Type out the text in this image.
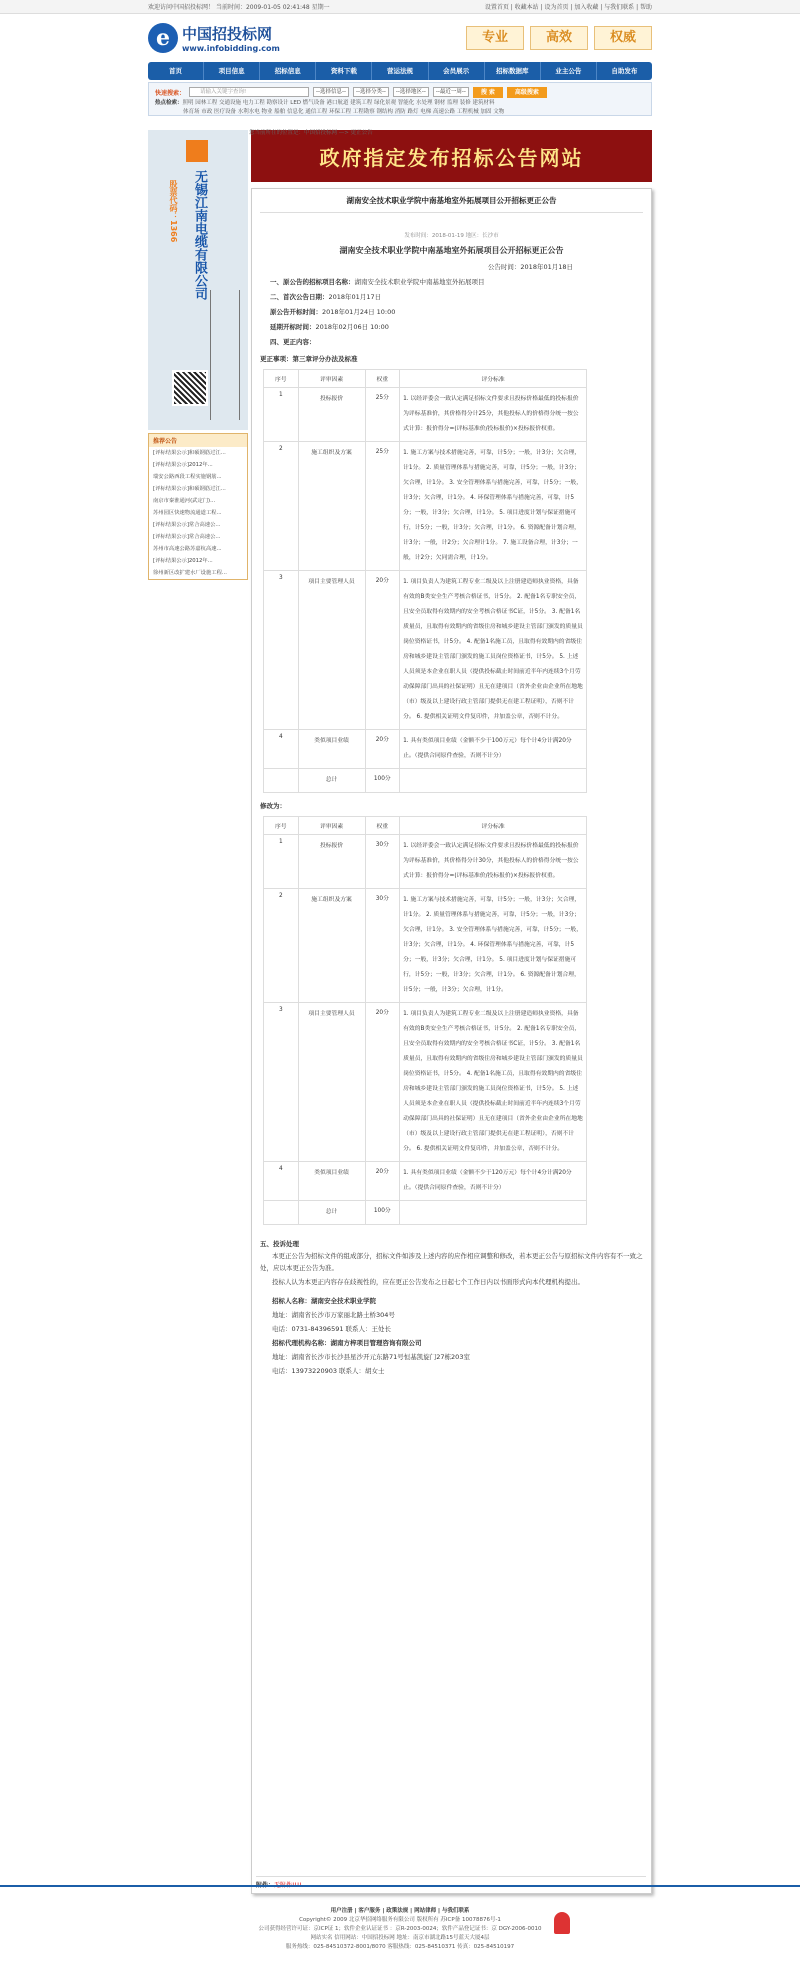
欢迎访问中国招投标网！ 当前时间：2009-01-05 02:41:48 星期一	设置首页 | 收藏本站 | 设为首页 | 加入收藏 | 与我们联系 | 帮助
e 中国招投标网
www.infobidding.com
专业	高效	权威
首页	项目信息	招标信息	资料下载	营运法规	会员展示	招标数据库	业主公告	自助发布
快速搜索：	请输入关键字查询!	--选择信息--	--选择分类--	--选择地区--	--最近一周--	搜 索	高级搜索
热点检索：照明 园林工程 交通设施 电力工程 勘察设计 LED 燃气设备 港口航道 建筑工程 绿化景观 智能化 水处理 钢材 监理 装修 建筑材料
体育场 市政 医疗设备 水利水电 物业 船舶 信息化 通信工程 环保工程 工程勘察 钢结构 消防 路灯 电梯 高速公路 工程机械 加固 文物
您当前所在的位置是：中国招投标网 —> 更正公告
无锡江南电缆有限公司
股票代码：1366
推荐公告
[评标结果公示]和硕钢筋过江...
[评标结果公示]2012年...
瑞安公路西段工程实施钢筋...
[评标结果公示]和硕钢筋过江...
南京市秦淮通河(武定门)...
苏州园区快速物流通道工程...
[评标结果公示]常合高速公...
[评标结果公示]常合高速公...
苏州市高速公路苏嘉杭高速...
[评标结果公示]2012年...
徐州新区改扩建水厂设施工程...
政府指定发布招标公告网站
湖南安全技术职业学院中南基地室外拓展项目公开招标更正公告
发布时间：2018-01-19 地区：长沙市
湖南安全技术职业学院中南基地室外拓展项目公开招标更正公告
公告时间：2018年01月18日
一、原公告的招标项目名称：湖南安全技术职业学院中南基地室外拓展项目
二、首次公告日期：2018年01月17日
原公告开标时间：2018年01月24日 10:00
延期开标时间：2018年02月06日 10:00
四、更正内容：
更正事项：第三章评分办法及标准
序号	评审因素	权重	评分标准
1	投标报价	25分	1. 以经评委会一致认定满足招标文件要求且投标价格最低的投标报价为评标基准价，其价格得分计25分，其他投标人的价格得分统一按公式计算：报价得分=(评标基准价/投标报价)×投标报价权重。
2	施工组织及方案	25分	1. 施工方案与技术措施完善，可靠，计5分；一般，计3分；欠合理，计1分。 2. 质量管理体系与措施完善，可靠，计5分；一般，计3分；欠合理，计1分。 3. 安全管理体系与措施完善，可靠，计5分；一般，计3分；欠合理，计1分。 4. 环保管理体系与措施完善，可靠，计5分；一般，计3分；欠合理，计1分。 5. 项目进度计划与保证措施可行，计5分；一般，计3分；欠合理，计1分。 6. 资源配备计划合理，计3分；一般，计2分；欠合理计1分。 7. 施工设备合理，计3分；一般，计2分；欠同需合理，计1分。
3	项目主要管理人员	20分	1. 项目负责人为建筑工程专业二级及以上注册建造师执业资格，具备有效的B类安全生产考核合格证书，计5分。 2. 配备1名专职安全员，且安全员取得有效期内的安全考核合格证书C证，计5分。 3. 配备1名质量员，且取得有效期内的省级住房和城乡建设主管部门颁发的质量员岗位资格证书，计5分。 4. 配备1名施工员，且取得有效期内的省级住房和城乡建设主管部门颁发的施工员岗位资格证书，计5分。 5. 上述人员须是本企业在职人员（提供投标截止时间前近半年内连续3个月劳动保障部门出具的社保证明）且无在建项目（省外企业由企业所在地地（市）级及以上建设行政主管部门提供无在建工程证明），否则不计分。 6. 提供相关证明文件复印件，并加盖公章，否则不计分。
4	类似项目业绩	20分	1. 具有类似项目业绩（金额不少于100万元）每个计4分计满20分止。（提供合同原件查验，否则不计分）
	总计	100分	
修改为：
序号	评审因素	权重	评分标准
1	投标报价	30分	1. 以经评委会一致认定满足招标文件要求且投标价格最低的投标报价为评标基准价，其价格得分计30分，其他投标人的价格得分统一按公式计算：报价得分=(评标基准价/投标报价)×投标报价权重。
2	施工组织及方案	30分	1. 施工方案与技术措施完善，可靠，计5分；一般，计3分；欠合理，计1分。 2. 质量管理体系与措施完善，可靠，计5分；一般，计3分；欠合理，计1分。 3. 安全管理体系与措施完善，可靠，计5分；一般，计3分；欠合理，计1分。 4. 环保管理体系与措施完善，可靠，计5分；一般，计3分；欠合理，计1分。 5. 项目进度计划与保证措施可行，计5分；一般，计3分；欠合理，计1分。 6. 资源配备计划合理，计5分；一般，计3分；欠合理，计1分。
3	项目主要管理人员	20分	1. 项目负责人为建筑工程专业二级及以上注册建造师执业资格，具备有效的B类安全生产考核合格证书，计5分。 2. 配备1名专职安全员，且安全员取得有效期内的安全考核合格证书C证，计5分。 3. 配备1名质量员，且取得有效期内的省级住房和城乡建设主管部门颁发的质量员岗位资格证书，计5分。 4. 配备1名施工员，且取得有效期内的省级住房和城乡建设主管部门颁发的施工员岗位资格证书，计5分。 5. 上述人员须是本企业在职人员（提供投标截止时间前近半年内连续3个月劳动保障部门出具的社保证明）且无在建项目（省外企业由企业所在地地（市）级及以上建设行政主管部门提供无在建工程证明），否则不计分。 6. 提供相关证明文件复印件，并加盖公章，否则不计分。
4	类似项目业绩	20分	1. 具有类似项目业绩（金额不少于120万元）每个计4分计满20分止。（提供合同原件查验，否则不计分）
	总计	100分	
五、投诉处理

本更正公告为招标文件的组成部分，招标文件如涉及上述内容的应作相应调整和修改，若本更正公告与原招标文件内容有不一致之处，应以本更正公告为准。

投标人认为本更正内容存在歧视性的，应在更正公告发布之日起七个工作日内以书面形式向本代理机构提出。

招标人名称：湖南安全技术职业学院
地址：湖南省长沙市万家丽北路土桥304号
电话：0731-84396591 联系人：王处长
招标代理机构名称：湖南方梓项目管理咨询有限公司
地址：湖南省长沙市长沙县星沙开元东路71号恒基凯旋门27栋203室
电话：13973220903 联系人：胡女士
附件：无附件!!!!
用户注册 | 客户服务 | 政策法规 | 网站律师 | 与我们联系
Copyright© 2009 北京华招网络服务有限公司 版权所有 苏ICP备 10078876号-1
公司获得经营许可证：京ICP证 1；软件企业认证证书 ：京R-2003-0024；软件产品登记证书：京 DGY-2006-0010
网站实名 信用网站：中国招投标网 地址：南京市湖北路15号蓝天大厦4层
服务热线：025-84510372-8001/8070 客服热线：025-84510371 传真：025-84510197
